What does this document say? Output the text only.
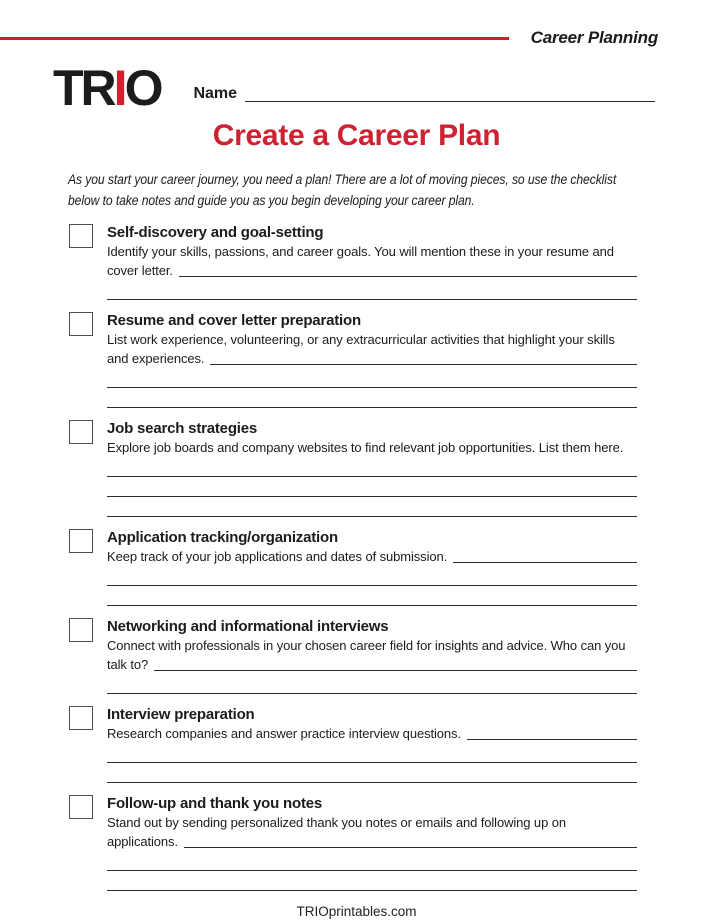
Career Planning
TRIO Name
Create a Career Plan
As you start your career journey, you need a plan! There are a lot of moving pieces, so use the checklist
below to take notes and guide you as you begin developing your career plan.
Self-discovery and goal-setting
Identify your skills, passions, and career goals. You will mention these in your resume and
cover letter.
Resume and cover letter preparation
List work experience, volunteering, or any extracurricular activities that highlight your skills
and experiences.
Job search strategies
Explore job boards and company websites to find relevant job opportunities. List them here.
Application tracking/organization
Keep track of your job applications and dates of submission.
Networking and informational interviews
Connect with professionals in your chosen career field for insights and advice. Who can you
talk to?
Interview preparation
Research companies and answer practice interview questions.
Follow-up and thank you notes
Stand out by sending personalized thank you notes or emails and following up on
applications.
TRIOprintables.com
